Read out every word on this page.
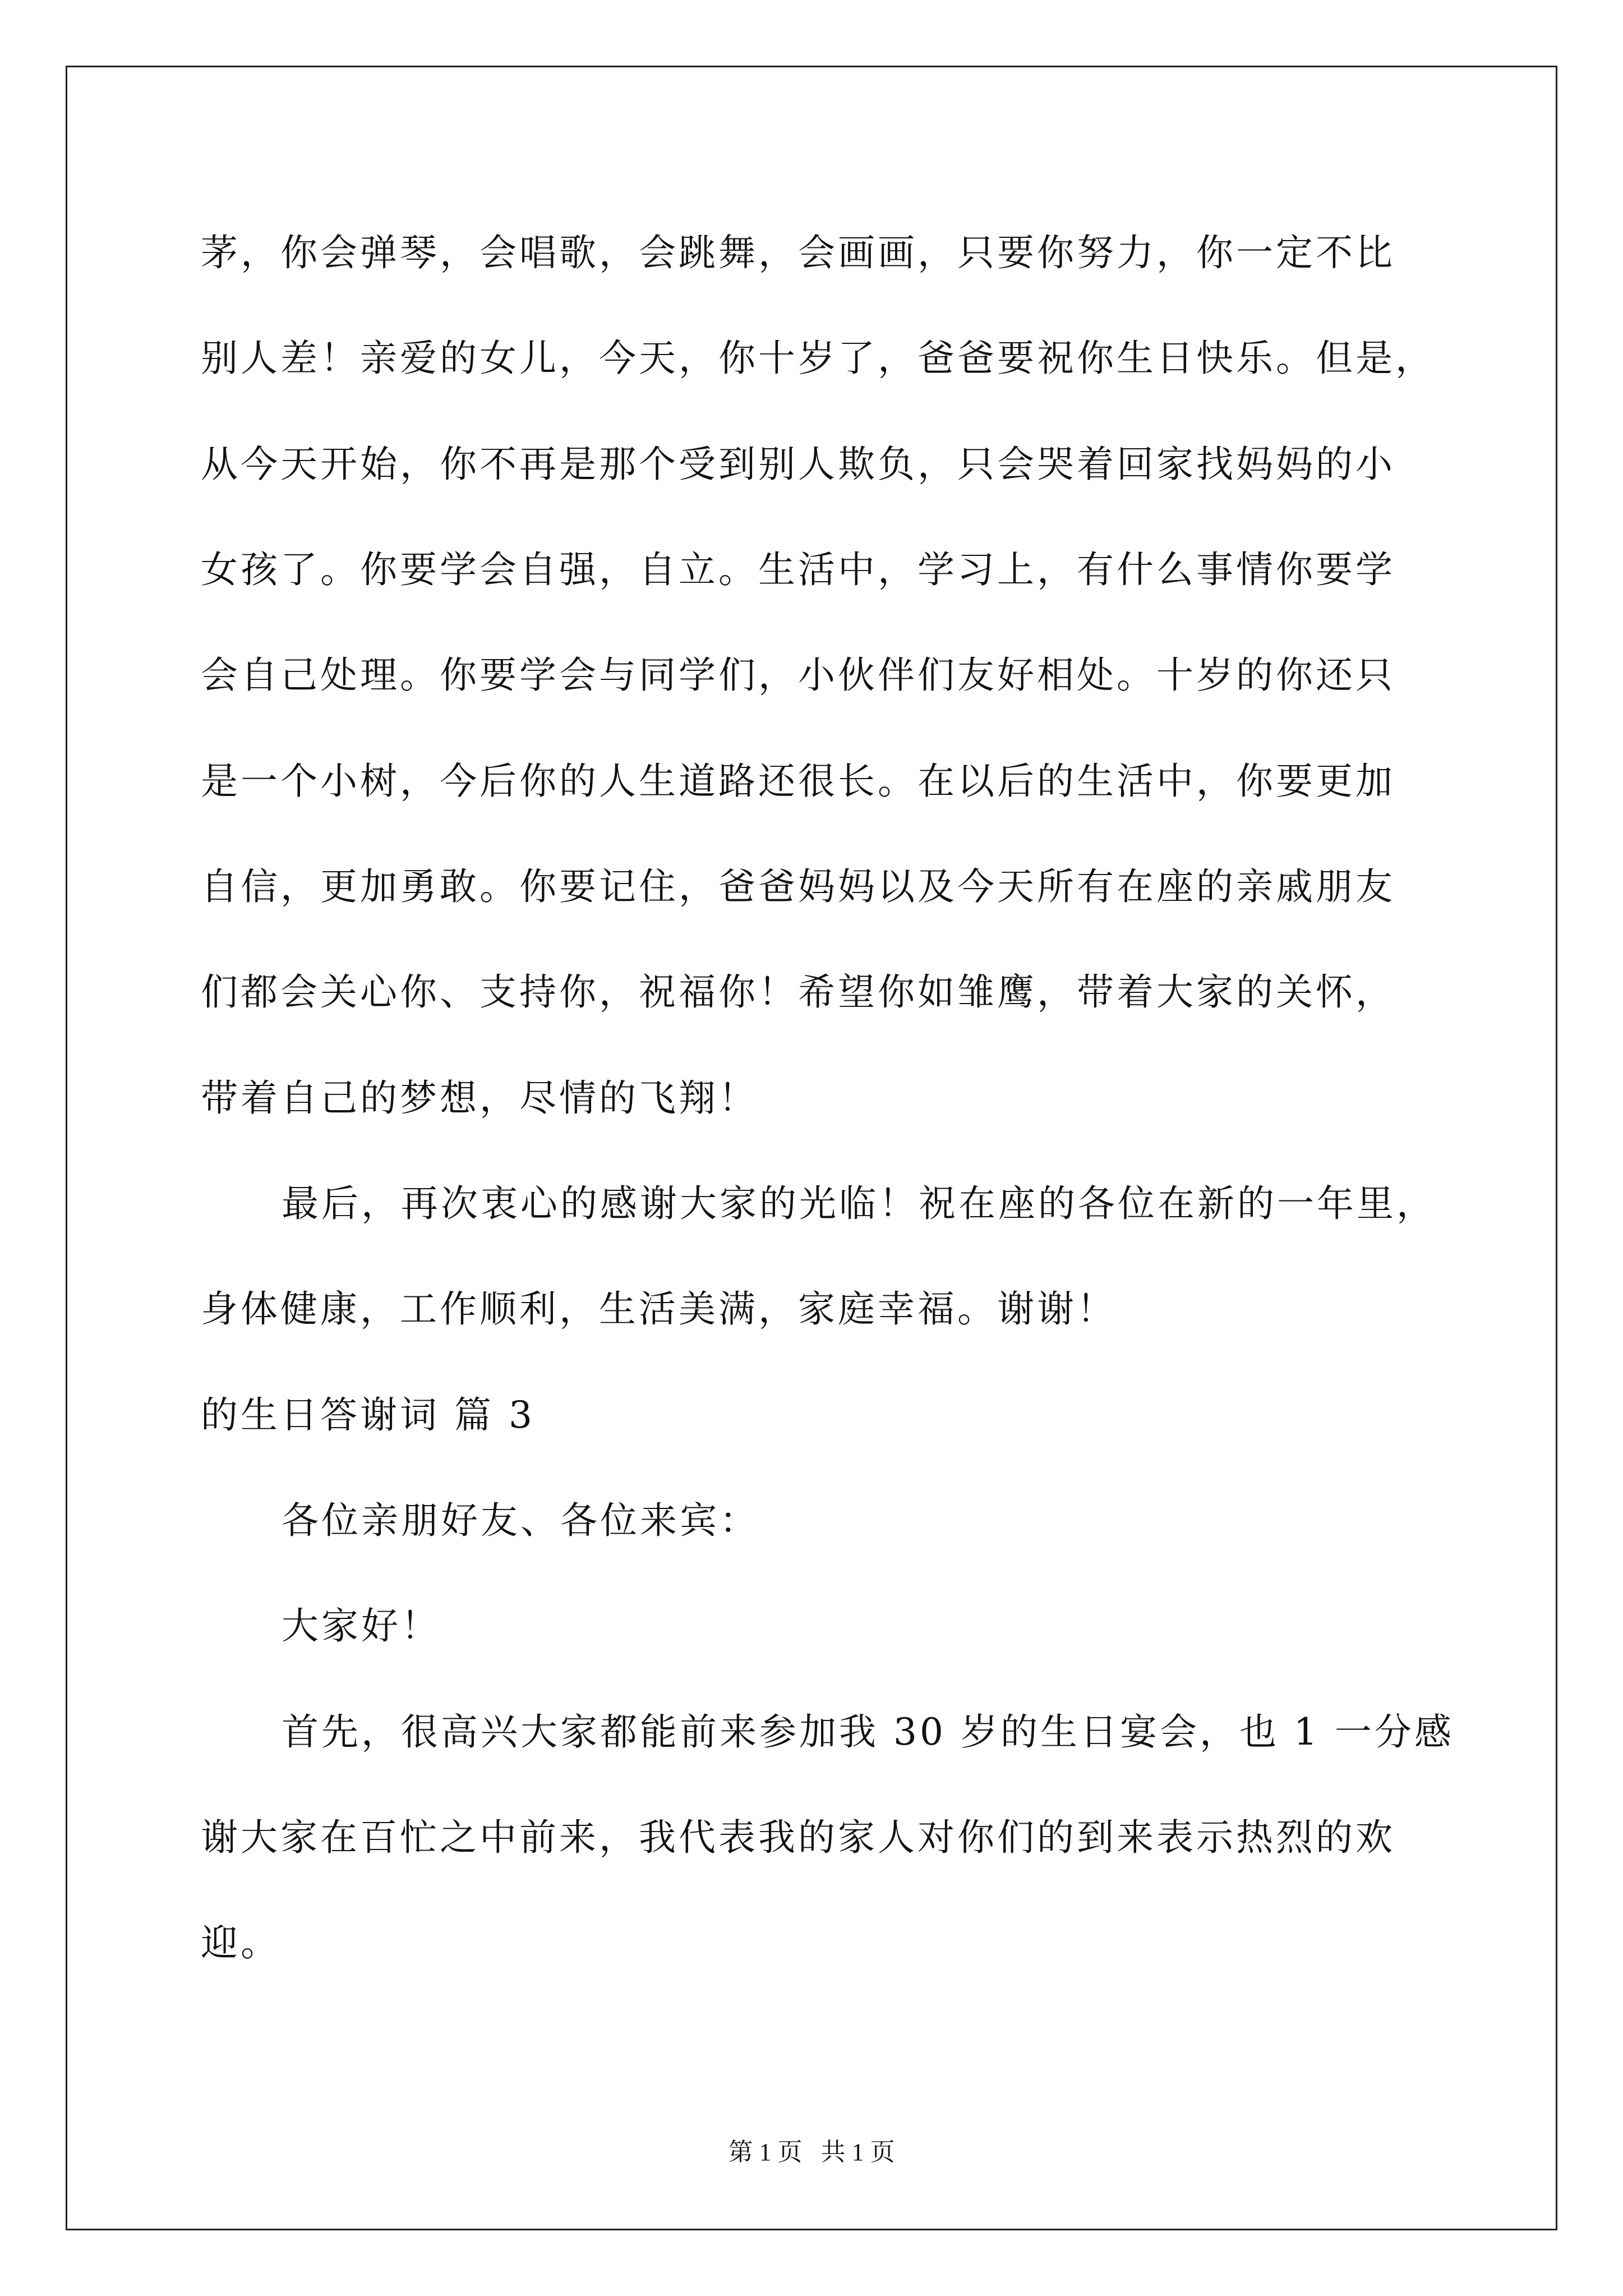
茅，你会弹琴，会唱歌，会跳舞，会画画，只要你努力，你一定不比
别人差！亲爱的女儿，今天，你十岁了，爸爸要祝你生日快乐。但是，
从今天开始，你不再是那个受到别人欺负，只会哭着回家找妈妈的小
女孩了。你要学会自强，自立。生活中，学习上，有什么事情你要学
会自己处理。你要学会与同学们，小伙伴们友好相处。十岁的你还只
是一个小树，今后你的人生道路还很长。在以后的生活中，你要更加
自信，更加勇敢。你要记住，爸爸妈妈以及今天所有在座的亲戚朋友
们都会关心你、支持你，祝福你！希望你如雏鹰，带着大家的关怀，
带着自己的梦想，尽情的飞翔！
最后，再次衷心的感谢大家的光临！祝在座的各位在新的一年里，
身体健康，工作顺利，生活美满，家庭幸福。谢谢！
的生日答谢词 篇 3
各位亲朋好友、各位来宾：
大家好！
首先，很高兴大家都能前来参加我 30 岁的生日宴会，也 1 一分感
谢大家在百忙之中前来，我代表我的家人对你们的到来表示热烈的欢
迎。
第 1 页   共 1 页
